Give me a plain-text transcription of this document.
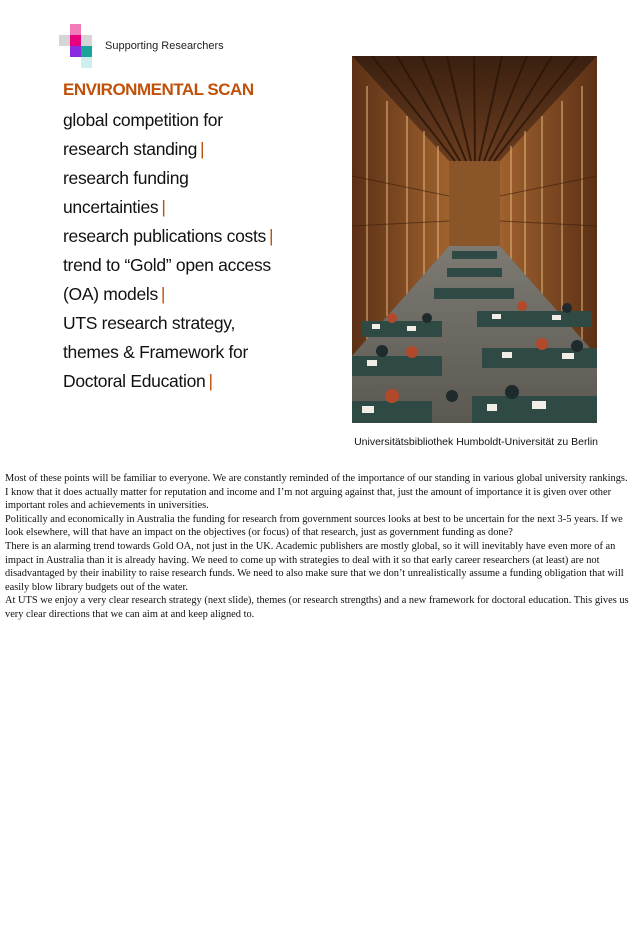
Supporting Researchers
ENVIRONMENTAL SCAN
global competition for
research standing |
research funding
uncertainties |
research publications costs |
trend to “Gold” open access
(OA) models |
UTS research strategy,
themes & Framework for
Doctoral Education |
Universitätsbibliothek Humboldt-Universität zu Berlin

Most of these points will be familiar to everyone. We are constantly reminded of the importance of our standing in various global university rankings. I know that it does actually matter for reputation and income and I’m not arguing against that, just the amount of importance it is given over other important roles and achievements in universities.

Politically and economically in Australia the funding for research from government sources looks at best to be uncertain for the next 3-5 years. If we look elsewhere, will that have an impact on the objectives (or focus) of that research, just as government funding as done?

There is an alarming trend towards Gold OA, not just in the UK. Academic publishers are mostly global, so it will inevitably have even more of an impact in Australia than it is already having. We need to come up with strategies to deal with it so that early career researchers (at least) are not disadvantaged by their inability to raise research funds. We need to also make sure that we don’t unrealistically assume a funding obligation that will easily blow library budgets out of the water.

At UTS we enjoy a very clear research strategy (next slide), themes (or research strengths) and a new framework for doctoral education. This gives us very clear directions that we can aim at and keep aligned to.
